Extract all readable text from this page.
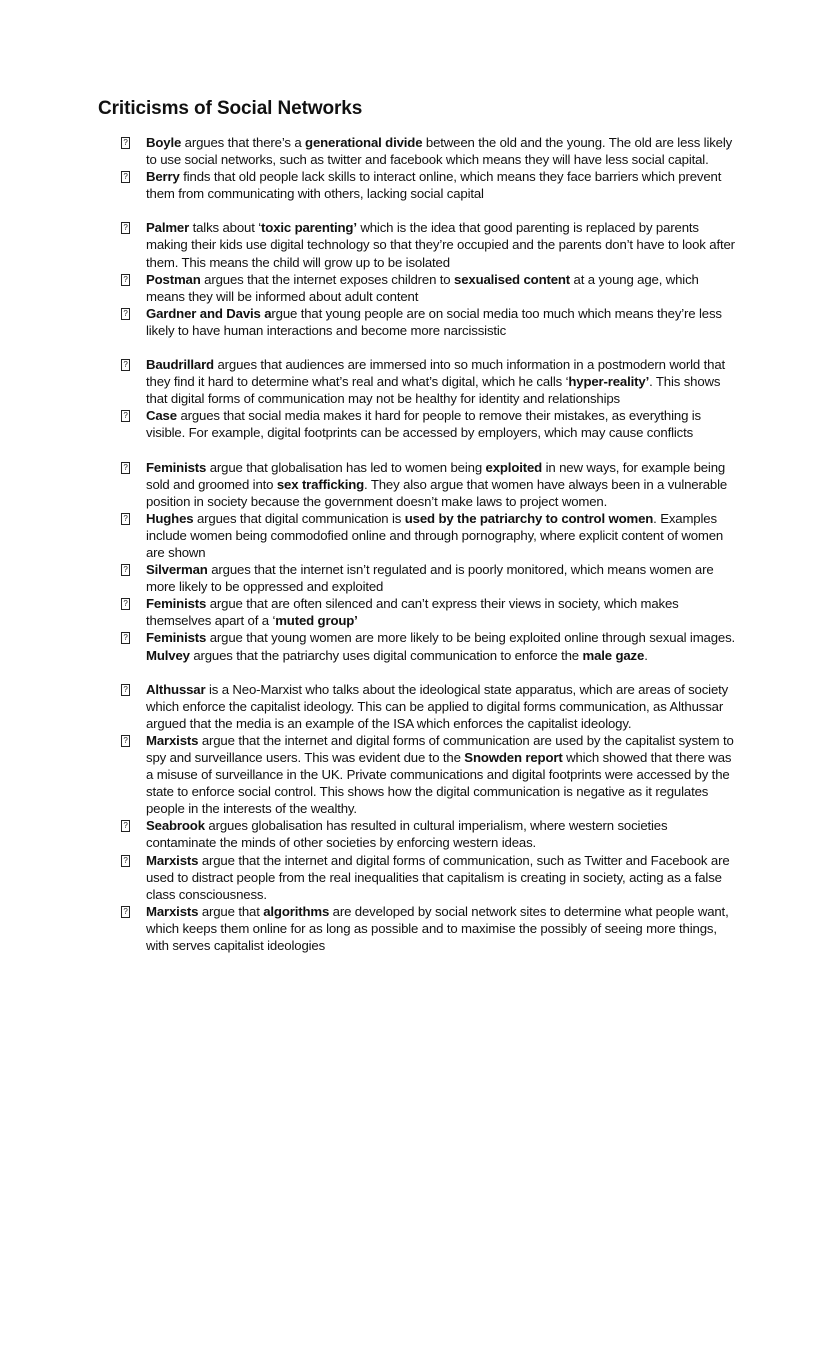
Criticisms of Social Networks
? Boyle argues that there’s a generational divide between the old and the young. The old are less likely to use social networks, such as twitter and facebook which means they will have less social capital.
? Berry finds that old people lack skills to interact online, which means they face barriers which prevent them from communicating with others, lacking social capital
? Palmer talks about ‘toxic parenting’ which is the idea that good parenting is replaced by parents making their kids use digital technology so that they’re occupied and the parents don’t have to look after them. This means the child will grow up to be isolated
? Postman argues that the internet exposes children to sexualised content at a young age, which means they will be informed about adult content
? Gardner and Davis argue that young people are on social media too much which means they’re less likely to have human interactions and become more narcissistic
? Baudrillard argues that audiences are immersed into so much information in a postmodern world that they find it hard to determine what’s real and what’s digital, which he calls ‘hyper-reality’. This shows that digital forms of communication may not be healthy for identity and relationships
? Case argues that social media makes it hard for people to remove their mistakes, as everything is visible. For example, digital footprints can be accessed by employers, which may cause conflicts
? Feminists argue that globalisation has led to women being exploited in new ways, for example being sold and groomed into sex trafficking. They also argue that women have always been in a vulnerable position in society because the government doesn’t make laws to project women.
? Hughes argues that digital communication is used by the patriarchy to control women. Examples include women being commodofied online and through pornography, where explicit content of women are shown
? Silverman argues that the internet isn’t regulated and is poorly monitored, which means women are more likely to be oppressed and exploited
? Feminists argue that are often silenced and can’t express their views in society, which makes themselves apart of a ‘muted group’
? Feminists argue that young women are more likely to be being exploited online through sexual images. Mulvey argues that the patriarchy uses digital communication to enforce the male gaze.
? Althussar is a Neo-Marxist who talks about the ideological state apparatus, which are areas of society which enforce the capitalist ideology. This can be applied to digital forms communication, as Althussar argued that the media is an example of the ISA which enforces the capitalist ideology.
? Marxists argue that the internet and digital forms of communication are used by the capitalist system to spy and surveillance users. This was evident due to the Snowden report which showed that there was a misuse of surveillance in the UK. Private communications and digital footprints were accessed by the state to enforce social control. This shows how the digital communication is negative as it regulates people in the interests of the wealthy.
? Seabrook argues globalisation has resulted in cultural imperialism, where western societies contaminate the minds of other societies by enforcing western ideas.
? Marxists argue that the internet and digital forms of communication, such as Twitter and Facebook are used to distract people from the real inequalities that capitalism is creating in society, acting as a false class consciousness.
? Marxists argue that algorithms are developed by social network sites to determine what people want, which keeps them online for as long as possible and to maximise the possibly of seeing more things, with serves capitalist ideologies
